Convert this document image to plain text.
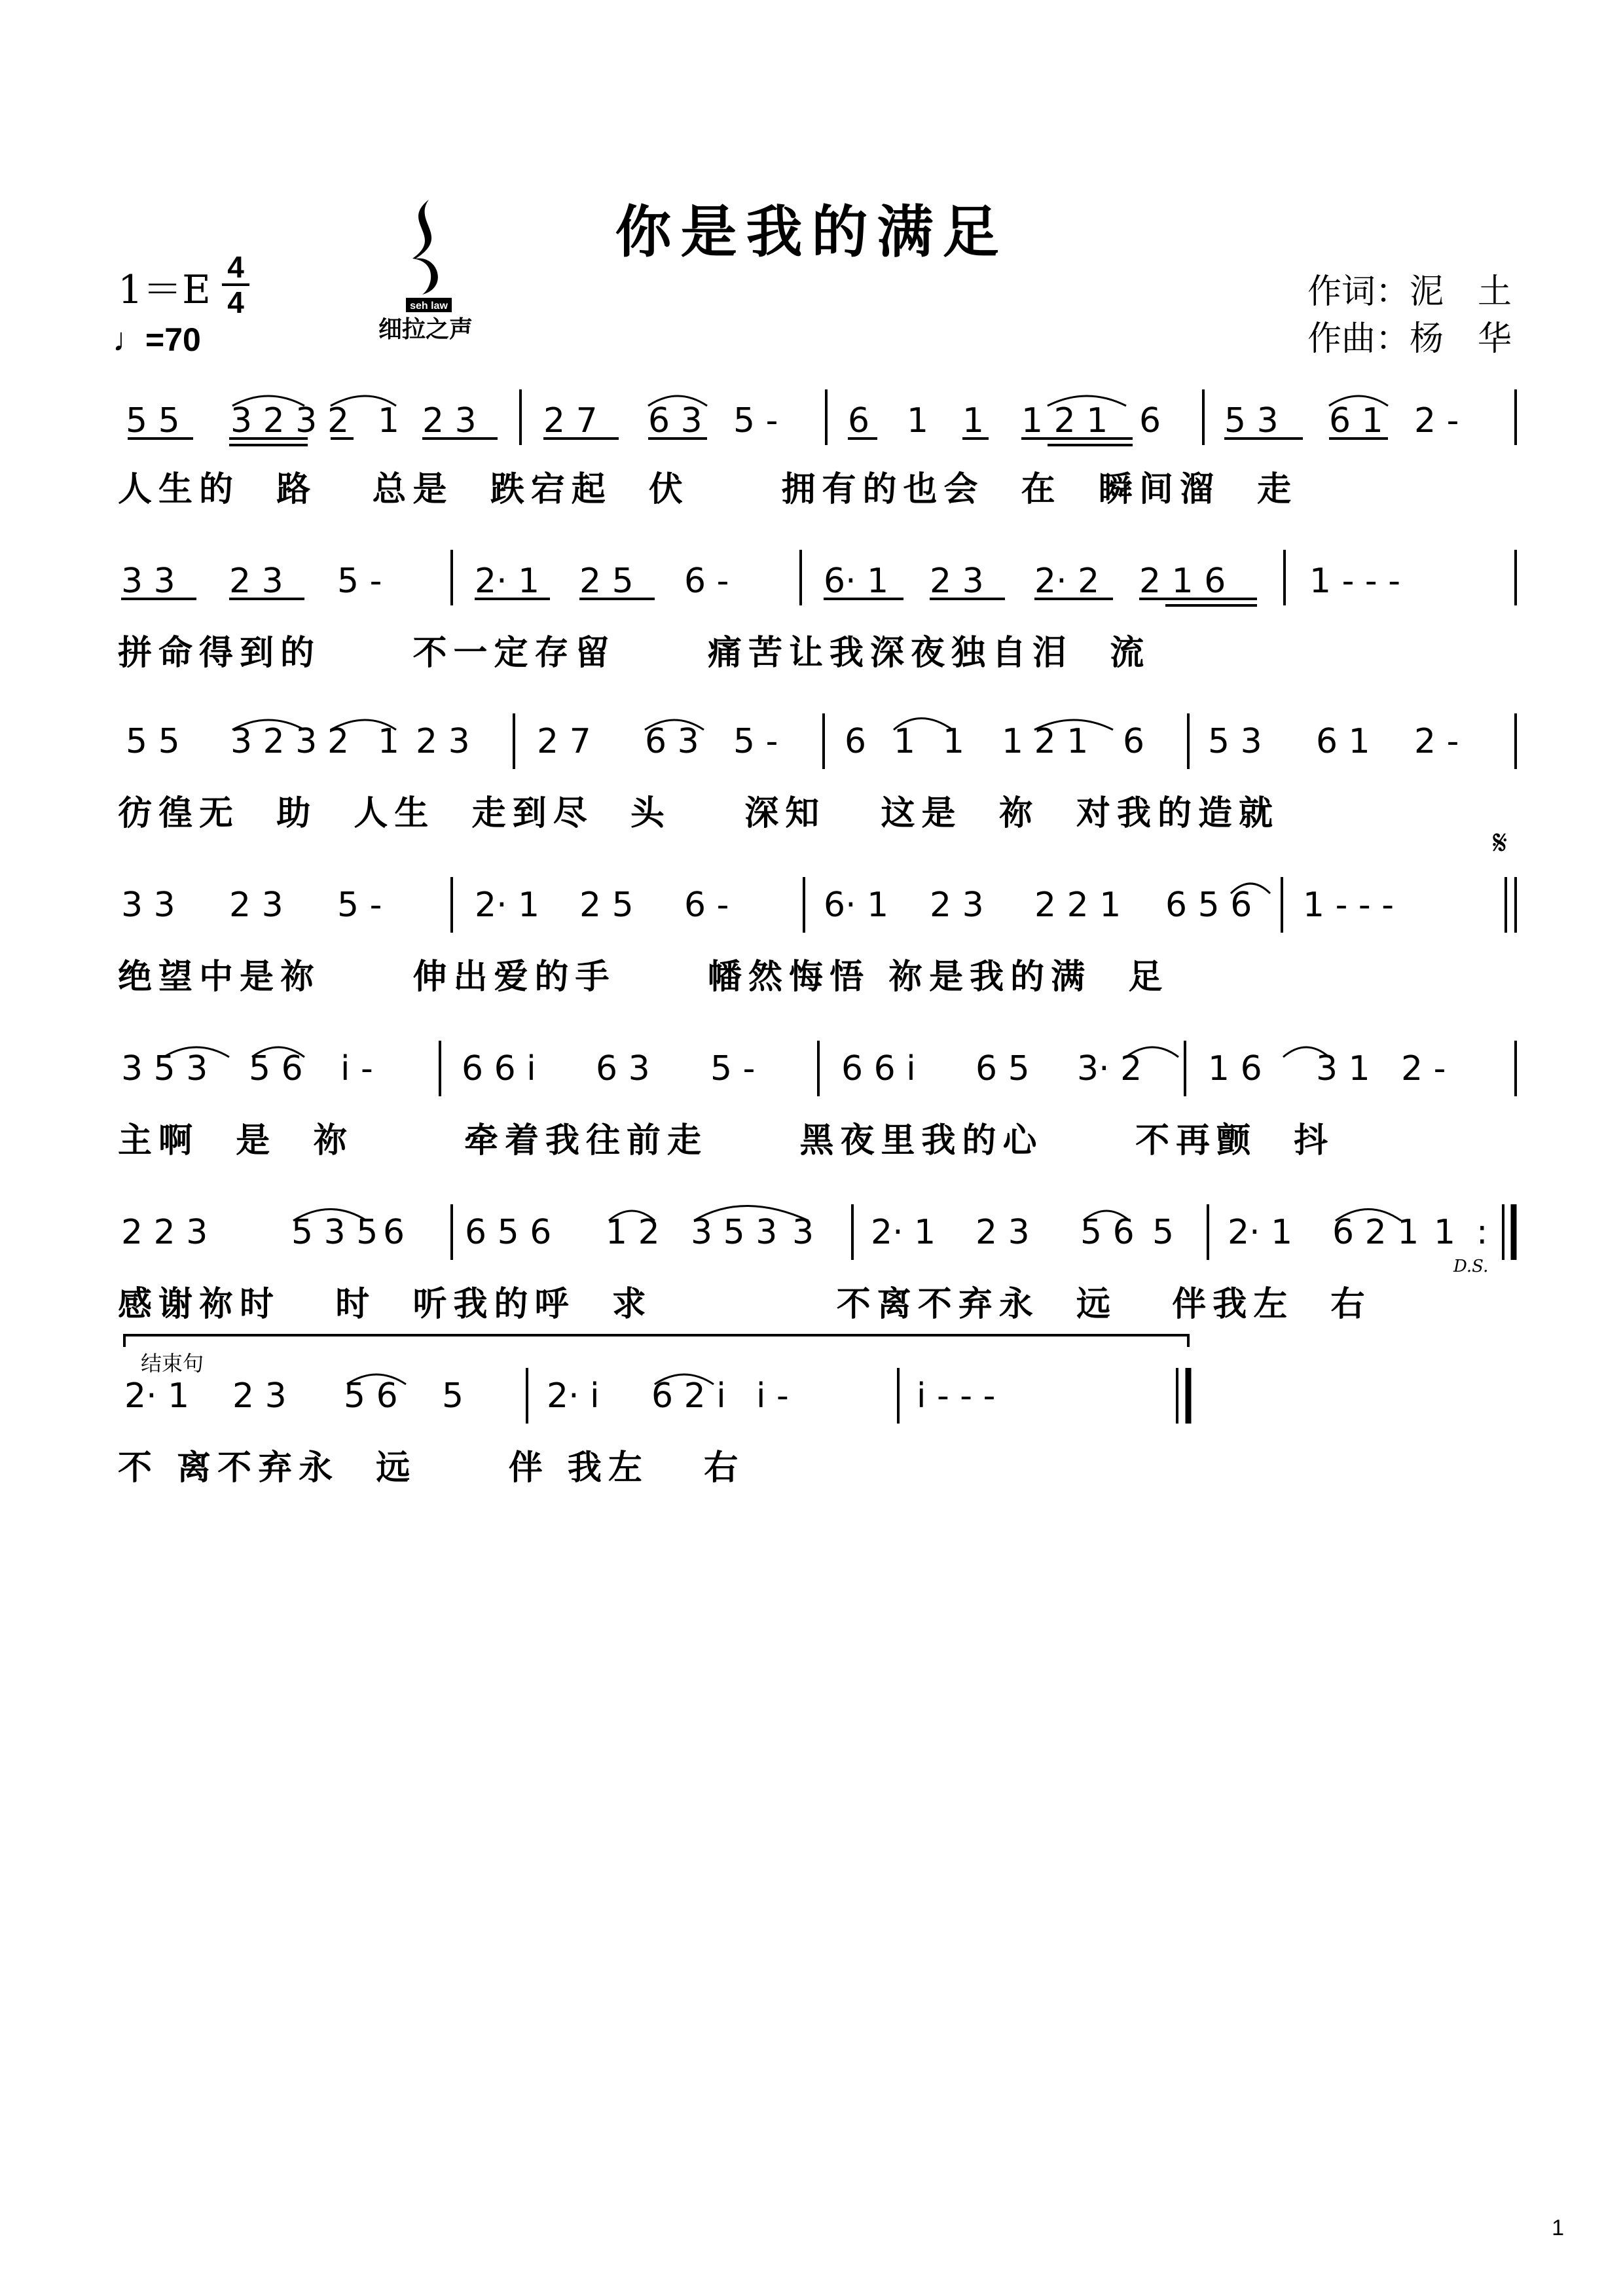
你是我的满足
1＝E 4
4
♩=70
作词：泥　土
作曲：杨　华
seh law
细拉之声
5 5 3 2 3 2 1 2 3 2 7 6 3 5 - 6 1 1 1 2 1 6 5 3 6 1 2 -
3 3 2 3 5 -	2· 1 2 5 6 -	6· 1 2 3 2· 2 2 1 6 1 - - -
5 5 3 2 3 2 1 2 3 2 7 6 3 5 - 6 1 1 1 2 1 6 5 3 6 1 2 -
3 3 2 3 5 -	2· 1 2 5 6 -	6· 1 2 3 2 2 1 6 5 6 1 - - -
3 5 3 5 6 i -	6 6 i 6 3 5 -	6 6 i 6 5 3· 2 1 6 3 1 2 -
2 2 3 5 3 5 6 6 5 6 1 2 3 5 3 3 2· 1 2 3 5 6 5 2· 1 6 2 1 1 :
2· 1 2 3 5 6 5 2· i 6 2 i i -	i - - -
𝄋
结束句
D.S.
人生的  路   总是  跌宕起  伏     拥有的也会  在  瞬间溜  走
拼命得到的     不一定存留     痛苦让我深夜独自泪  流
彷徨无  助  人生  走到尽  头    深知   这是  祢  对我的造就
绝望中是祢     伸出爱的手     幡然悔悟 祢是我的满  足
主啊  是  祢      牵着我往前走     黑夜里我的心     不再颤  抖
感谢祢时   时  听我的呼  求          不离不弃永  远   伴我左  右
不 离不弃永  远     伴 我左   右
1
